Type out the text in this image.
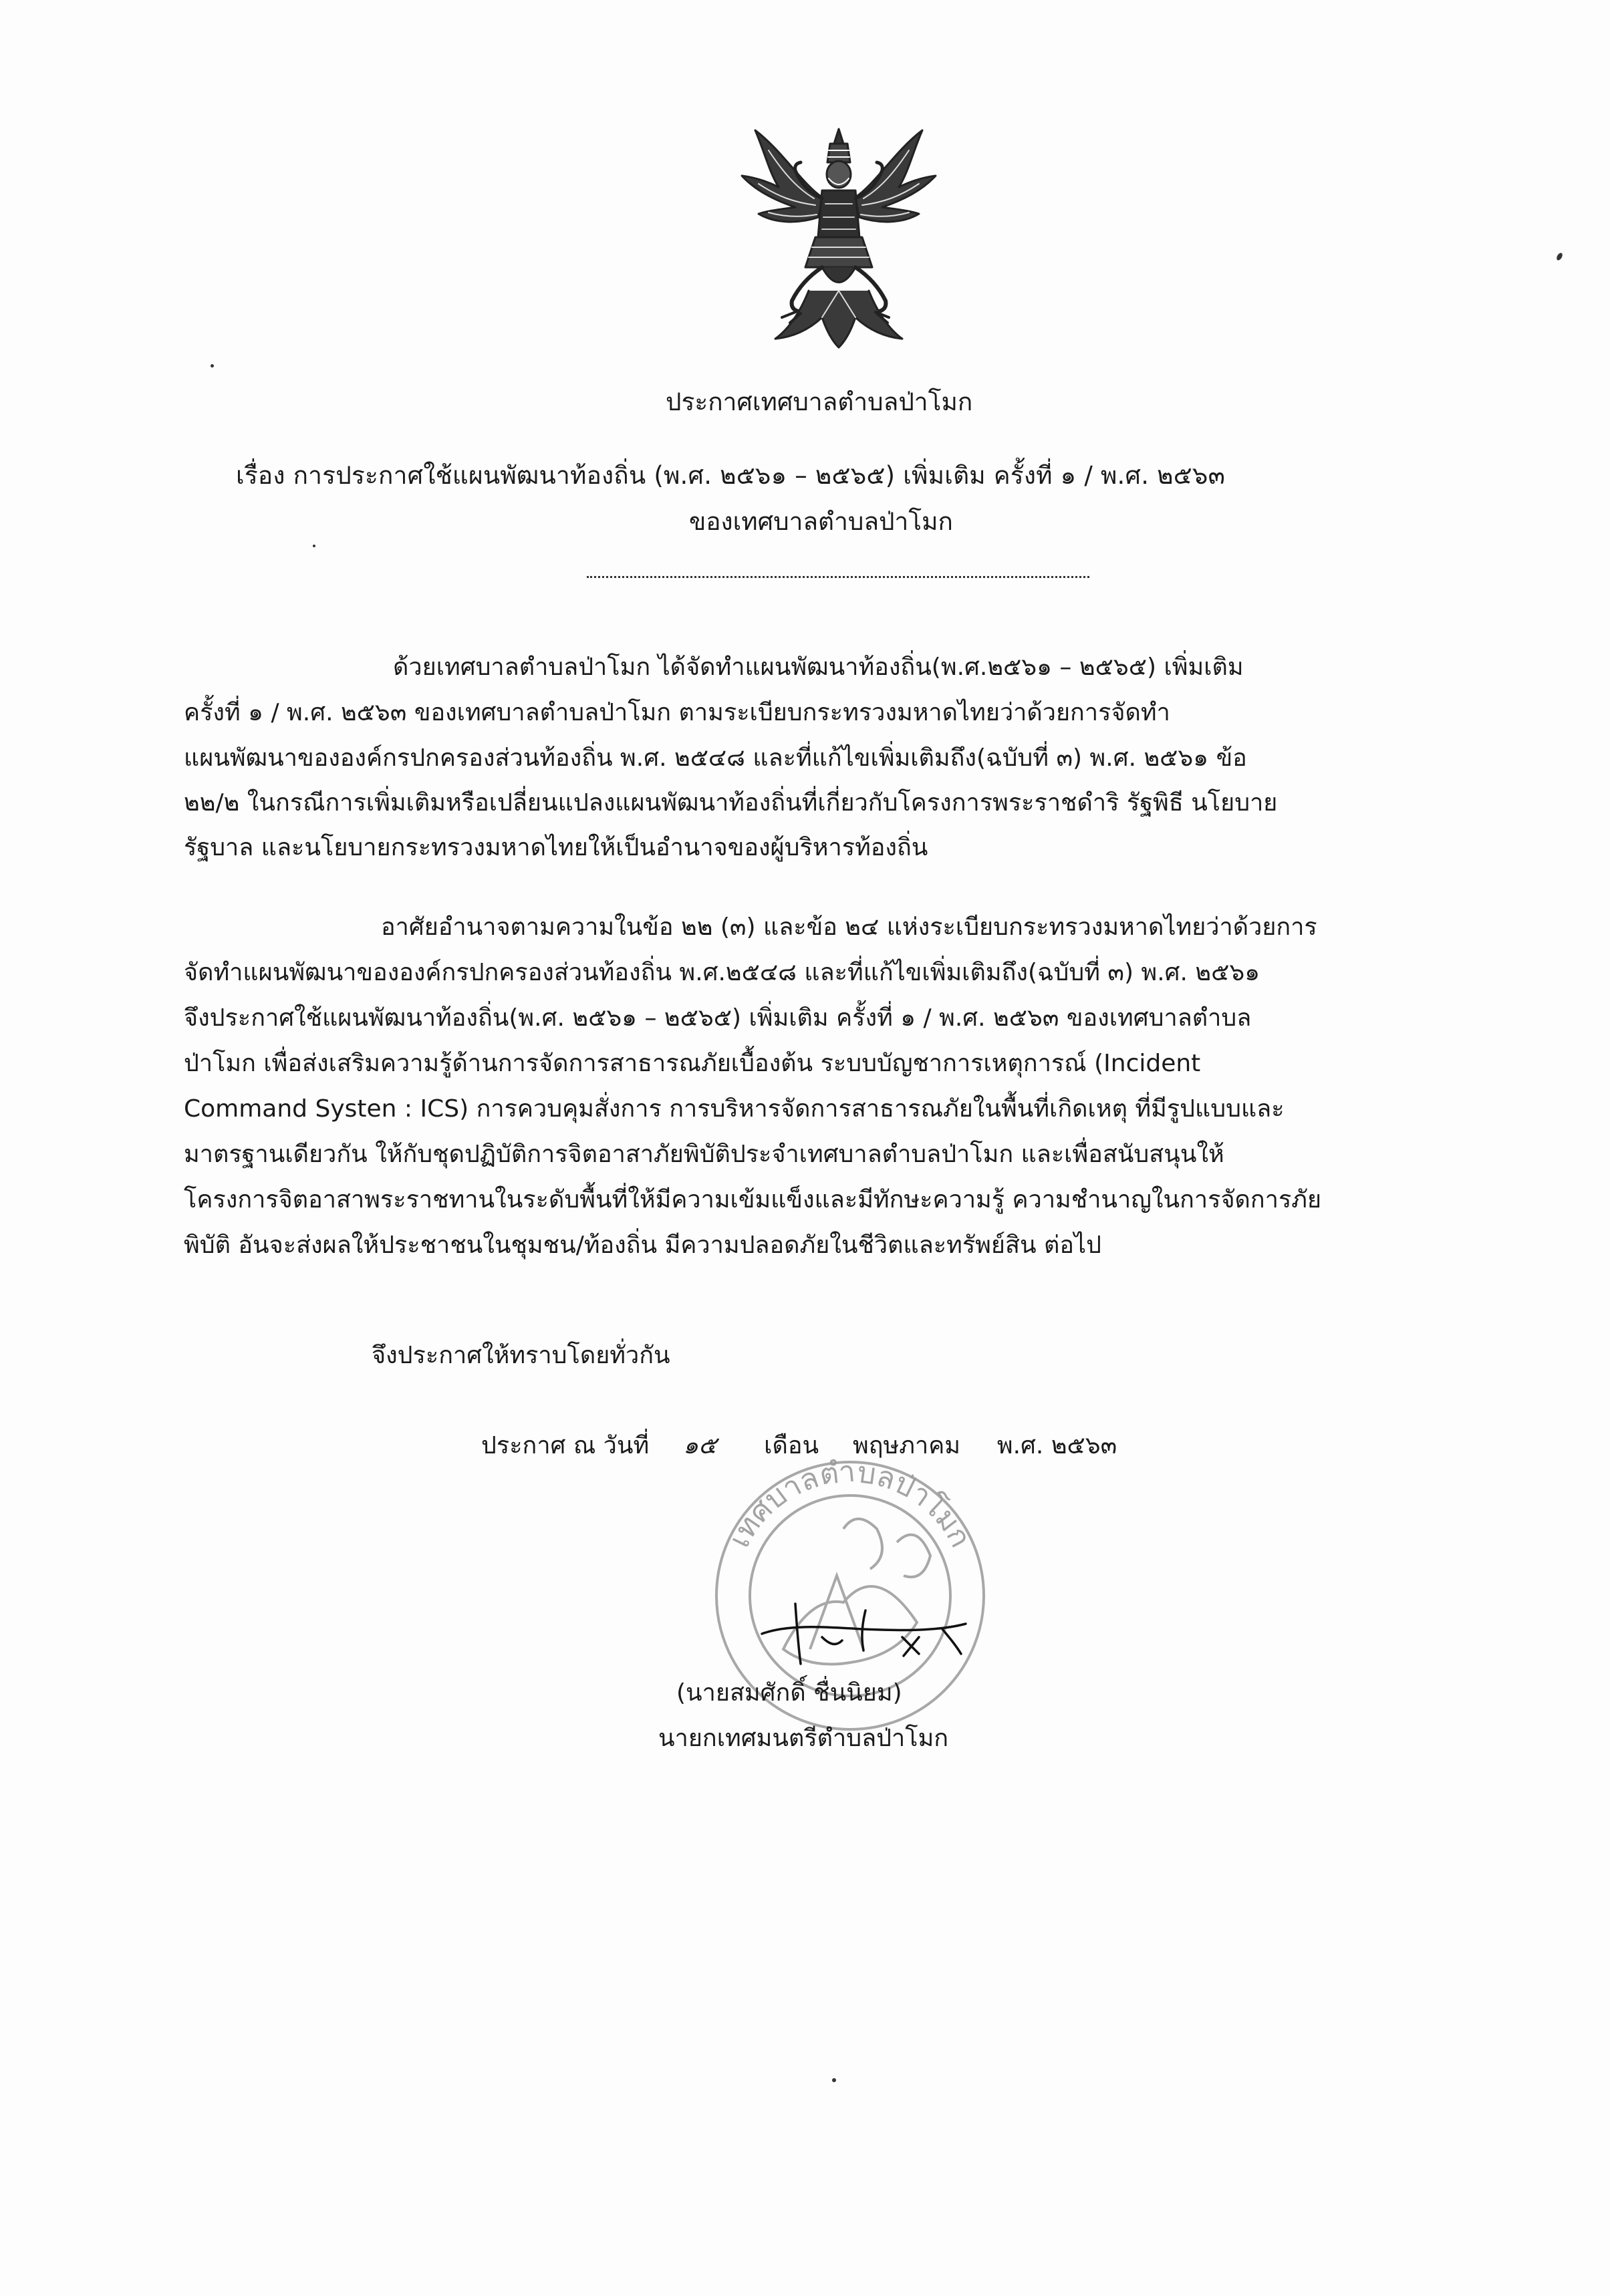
ประกาศเทศบาลตำบลป่าโมก
เรื่อง การประกาศใช้แผนพัฒนาท้องถิ่น (พ.ศ. ๒๕๖๑ – ๒๕๖๕) เพิ่มเติม ครั้งที่ ๑ / พ.ศ. ๒๕๖๓
ของเทศบาลตำบลป่าโมก
ด้วยเทศบาลตำบลป่าโมก ได้จัดทำแผนพัฒนาท้องถิ่น(พ.ศ.๒๕๖๑ – ๒๕๖๕) เพิ่มเติม
ครั้งที่ ๑ / พ.ศ. ๒๕๖๓ ของเทศบาลตำบลป่าโมก ตามระเบียบกระทรวงมหาดไทยว่าด้วยการจัดทำ
แผนพัฒนาขององค์กรปกครองส่วนท้องถิ่น พ.ศ. ๒๕๔๘ และที่แก้ไขเพิ่มเติมถึง(ฉบับที่ ๓) พ.ศ. ๒๕๖๑ ข้อ
๒๒/๒ ในกรณีการเพิ่มเติมหรือเปลี่ยนแปลงแผนพัฒนาท้องถิ่นที่เกี่ยวกับโครงการพระราชดำริ รัฐพิธี นโยบาย
รัฐบาล และนโยบายกระทรวงมหาดไทยให้เป็นอำนาจของผู้บริหารท้องถิ่น
อาศัยอำนาจตามความในข้อ ๒๒ (๓) และข้อ ๒๔ แห่งระเบียบกระทรวงมหาดไทยว่าด้วยการ
จัดทำแผนพัฒนาขององค์กรปกครองส่วนท้องถิ่น พ.ศ.๒๕๔๘ และที่แก้ไขเพิ่มเติมถึง(ฉบับที่ ๓) พ.ศ. ๒๕๖๑
จึงประกาศใช้แผนพัฒนาท้องถิ่น(พ.ศ. ๒๕๖๑ – ๒๕๖๕) เพิ่มเติม ครั้งที่ ๑ / พ.ศ. ๒๕๖๓ ของเทศบาลตำบล
ป่าโมก เพื่อส่งเสริมความรู้ด้านการจัดการสาธารณภัยเบื้องต้น ระบบบัญชาการเหตุการณ์ (Incident
Command Systen : ICS) การควบคุมสั่งการ การบริหารจัดการสาธารณภัยในพื้นที่เกิดเหตุ ที่มีรูปแบบและ
มาตรฐานเดียวกัน ให้กับชุดปฏิบัติการจิตอาสาภัยพิบัติประจำเทศบาลตำบลป่าโมก และเพื่อสนับสนุนให้
โครงการจิตอาสาพระราชทานในระดับพื้นที่ให้มีความเข้มแข็งและมีทักษะความรู้ ความชำนาญในการจัดการภัย
พิบัติ อันจะส่งผลให้ประชาชนในชุมชน/ท้องถิ่น มีความปลอดภัยในชีวิตและทรัพย์สิน ต่อไป
จึงประกาศให้ทราบโดยทั่วกัน
เทศบาลตำบลป่าโมก
ประกาศ ณ วันที่ ๑๕ เดือน พฤษภาคม พ.ศ. ๒๕๖๓
(นายสมศักดิ์ ชื่นนิยม)
นายกเทศมนตรีตำบลป่าโมก
